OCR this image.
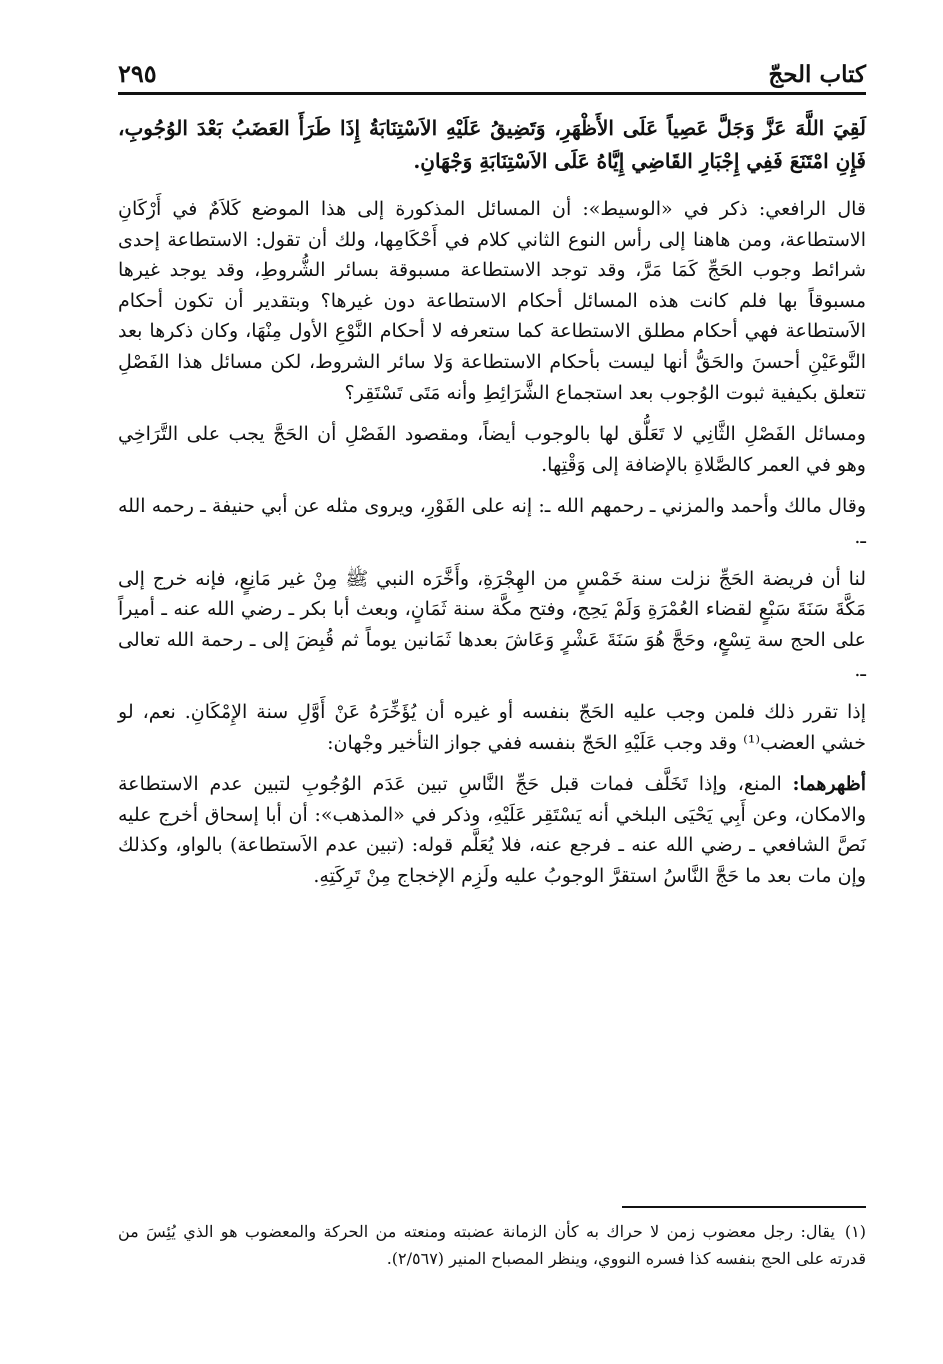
كتاب الحجّ
٢٩٥

لَقِيَ اللَّهَ عَزَّ وَجَلَّ عَصِياً عَلَى الأَظْهَرِ، وَتَضِيقُ عَلَيْهِ الاَسْتِنَابَةُ إِذَا طَرَأَ العَضَبُ بَعْدَ الوُجُوبِ، فَإِنِ امْتَنَعَ فَفِي إِجْبَارِ القَاضِي إِيَّاهُ عَلَى الاَسْتِنَابَةِ وَجْهَانِ.

قال الرافعي: ذكر في «الوسيط»: أن المسائل المذكورة إلى هذا الموضع كَلاَمٌ في أَرْكَانِ الاستطاعة، ومن هاهنا إلى رأس النوع الثاني كلام في أَحْكَامِها، ولك أن تقول: الاستطاعة إحدى شرائط وجوب الحَجِّ كَمَا مَرَّ، وقد توجد الاستطاعة مسبوقة بسائر الشُّروطِ، وقد يوجد غيرها مسبوقاً بها فلم كانت هذه المسائل أحكام الاستطاعة دون غيرها؟ وبتقدير أن تكون أحكام الاَستطاعة فهي أحكام مطلق الاستطاعة كما ستعرفه لا أحكام النَّوْعِ الأول مِنْهَا، وكان ذكرها بعد النَّوعَيْنِ أحسنَ والحَقُّ أنها ليست بأحكام الاستطاعة وَلا سائر الشروط، لكن مسائل هذا الفَصْلِ تتعلق بكيفية ثبوت الوُجوب بعد استجماع الشَّرَائِطِ وأنه مَتَى تَسْتَقِر؟

ومسائل الفَصْلِ الثَّانِي لا تَعَلُّق لها بالوجوب أيضاً، ومقصود الفَصْلِ أن الحَجَّ يجب على التَّرَاخِي وهو في العمر كالصَّلاةِ بالإضافة إلى وَقْتِها.

وقال مالك وأحمد والمزني ـ رحمهم الله ـ: إنه على الفَوْرِ، ويروى مثله عن أبي حنيفة ـ رحمه الله ـ.

لنا أن فريضة الحَجِّ نزلت سنة خَمْسٍ من الهِجْرَةِ، وأَخَّرَه النبي ﷺ مِنْ غير مَانِعٍ، فإنه خرج إلى مَكَّةَ سَنَةَ سَبْعٍ لقضاء العُمْرَةِ وَلَمْ يَحِج، وفتح مكَّة سنة ثَمَانٍ، وبعث أبا بكر ـ رضي الله عنه ـ أميراً على الحج سة تِسْعٍ، وحَجَّ هُوَ سَنَةَ عَشْرٍ وَعَاشَ بعدها ثَمَانين يوماً ثم قُبِضَ إلى ـ رحمة الله تعالى ـ.

إذا تقرر ذلك فلمن وجب عليه الحَجّ بنفسه أو غيره أن يُؤَخِّرَهُ عَنْ أَوَّلِ سنة الإِمْكَانِ. نعم، لو خشي العضب⁽¹⁾ وقد وجب عَلَيْهِ الحَجّ بنفسه ففي جواز التأخير وجْهان:

أظهرهما: المنع، وإذا تَخَلَّف فمات قبل حَجِّ النَّاسِ تبين عَدَم الوُجُوبِ لتبين عدم الاستطاعة والامكان، وعن أَبِي يَحْيَى البلخي أنه يَسْتَقِر عَلَيْهِ، وذكر في «المذهب»: أن أبا إسحاق أخرج عليه نَصَّ الشافعي ـ رضي الله عنه ـ فرجع عنه، فلا يُعَلَّم قوله: (تبين عدم الاَستطاعة) بالواو، وكذلك وإن مات بعد ما حَجَّ النَّاسُ استقرَّ الوجوبُ عليه ولَزِم الإخجاج مِنْ تَرِكَتِهِ.

(١)يقال: رجل معضوب زمن لا حراك به كأن الزمانة عضبته ومنعته من الحركة والمعضوب هو الذي يُئِسَ من قدرته على الحج بنفسه كذا فسره النووي، وينظر المصباح المنير (٢/٥٦٧).
